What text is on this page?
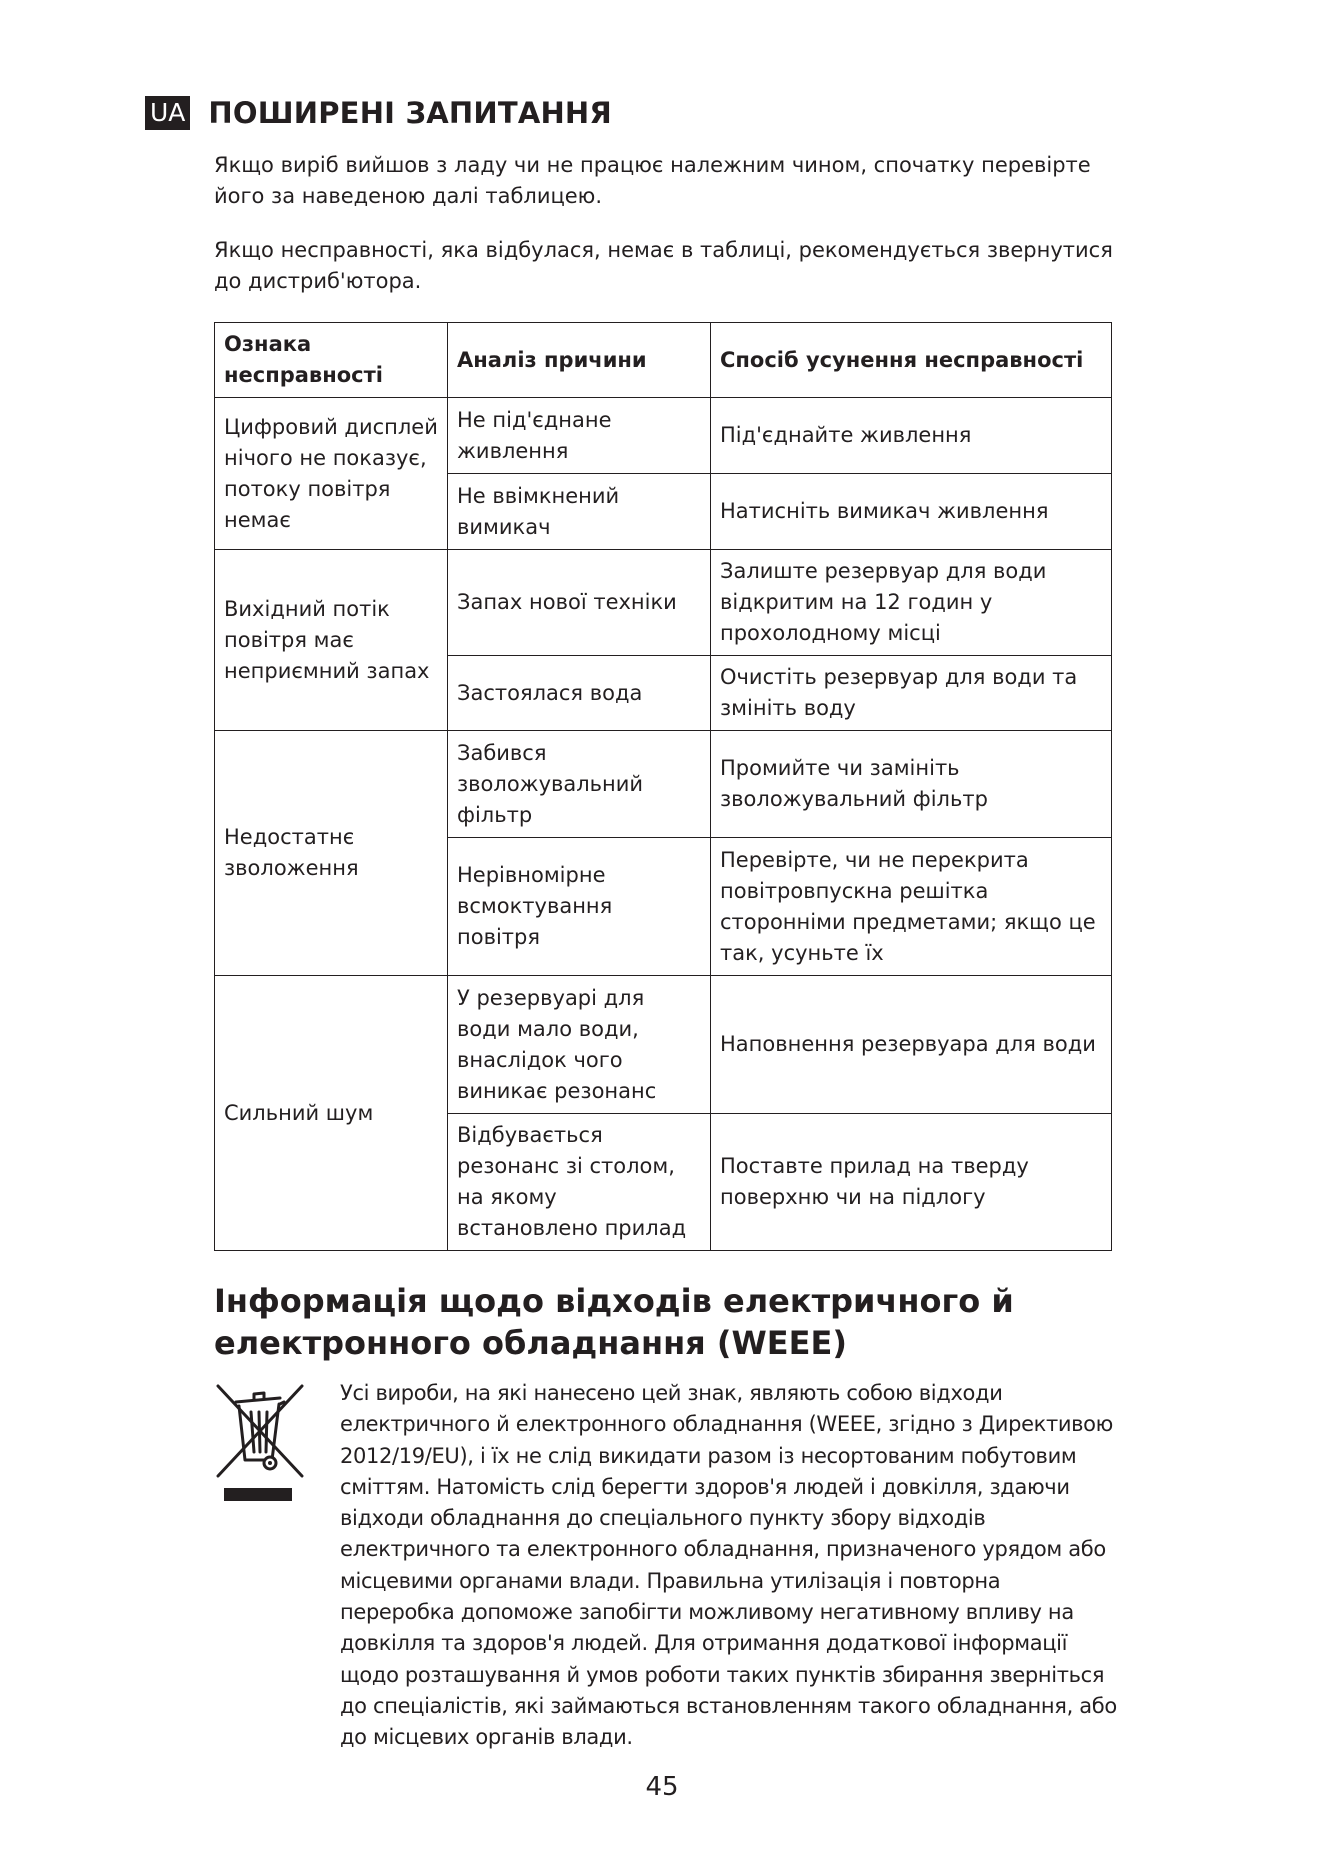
UA ПОШИРЕНІ ЗАПИТАННЯ

Якщо виріб вийшов з ладу чи не працює належним чином, спочатку перевірте його за наведеною далі таблицею.

Якщо несправності, яка відбулася, немає в таблиці, рекомендується звернутися до дистриб'ютора.

Ознака несправності	Аналіз причини	Спосіб усунення несправності
Цифровий дисплей нічого не показує, потоку повітря немає	Не під'єднане живлення	Під'єднайте живлення
	Не ввімкнений вимикач	Натисніть вимикач живлення
Вихідний потік повітря має неприємний запах	Запах нової техніки	Залиште резервуар для води відкритим на 12 годин у прохолодному місці
	Застоялася вода	Очистіть резервуар для води та змініть воду
Недостатнє зволоження	Забився зволожувальний фільтр	Промийте чи замініть зволожувальний фільтр
	Нерівномірне всмоктування повітря	Перевірте, чи не перекрита повітровпускна решітка сторонніми предметами; якщо це так, усуньте їх
Сильний шум	У резервуарі для води мало води, внаслідок чого виникає резонанс	Наповнення резервуара для води
	Відбувається резонанс зі столом, на якому встановлено прилад	Поставте прилад на тверду поверхню чи на підлогу
Інформація щодо відходів електричного й електронного обладнання (WEEE)

Усі вироби, на які нанесено цей знак, являють собою відходи електричного й електронного обладнання (WEEE, згідно з Директивою 2012/19/EU), і їх не слід викидати разом із несортованим побутовим сміттям. Натомість слід берегти здоров'я людей і довкілля, здаючи відходи обладнання до спеціального пункту збору відходів електричного та електронного обладнання, призначеного урядом або місцевими органами влади. Правильна утилізація і повторна переробка допоможе запобігти можливому негативному впливу на довкілля та здоров'я людей. Для отримання додаткової інформації щодо розташування й умов роботи таких пунктів збирання зверніться до спеціалістів, які займаються встановленням такого обладнання, або до місцевих органів влади.

45
